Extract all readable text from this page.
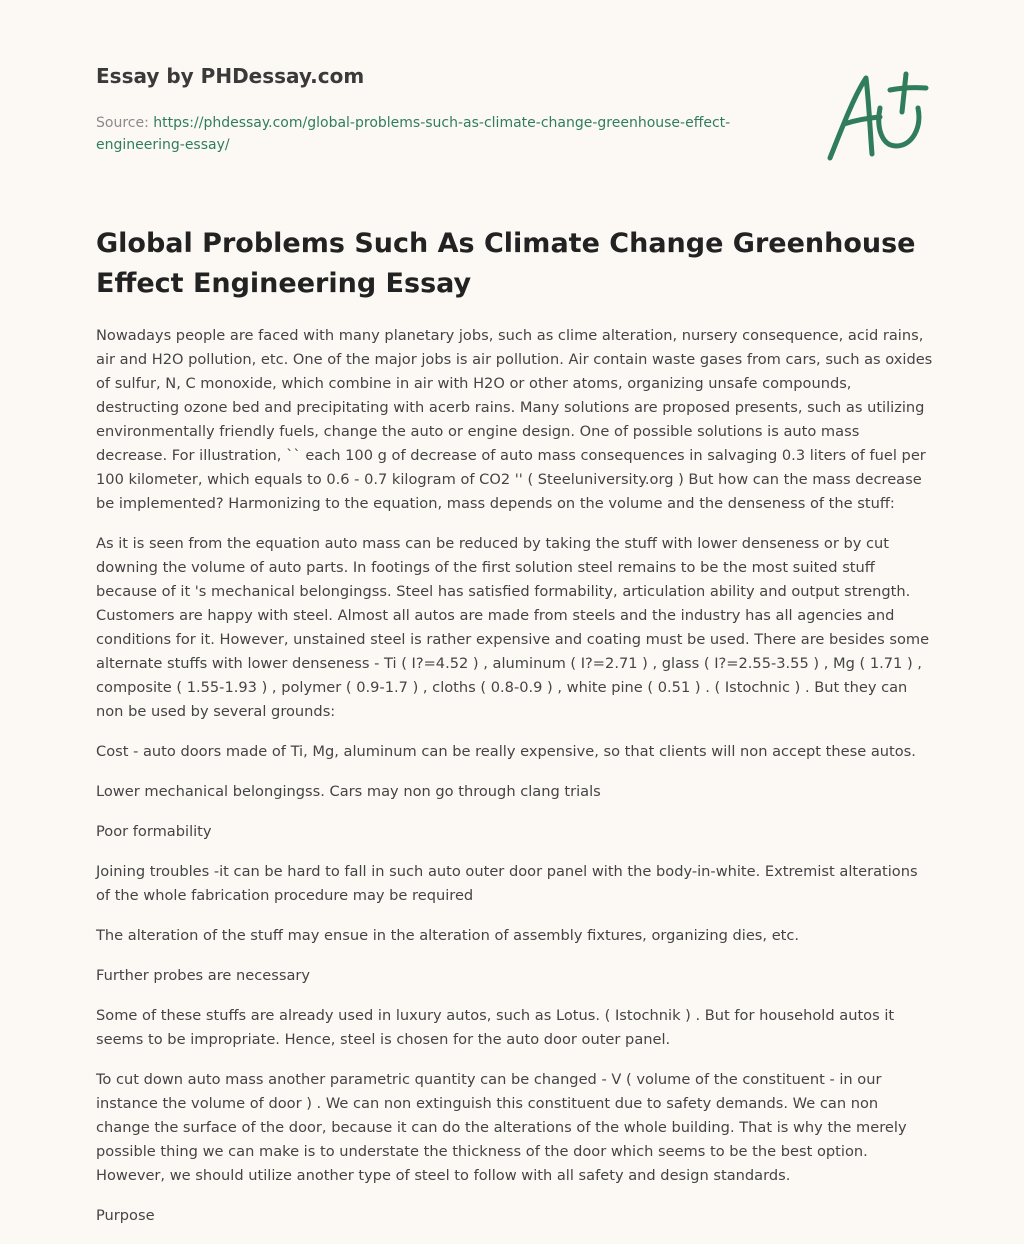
Essay by PHDessay.com
Source: https://phdessay.com/global-problems-such-as-climate-change-greenhouse-effect-engineering-essay/
Global Problems Such As Climate Change Greenhouse Effect Engineering Essay

Nowadays people are faced with many planetary jobs, such as clime alteration, nursery consequence, acid rains, air and H2O pollution, etc. One of the major jobs is air pollution. Air contain waste gases from cars, such as oxides of sulfur, N, C monoxide, which combine in air with H2O or other atoms, organizing unsafe compounds, destructing ozone bed and precipitating with acerb rains. Many solutions are proposed presents, such as utilizing environmentally friendly fuels, change the auto or engine design. One of possible solutions is auto mass decrease. For illustration, `` each 100 g of decrease of auto mass consequences in salvaging 0.3 liters of fuel per 100 kilometer, which equals to 0.6 - 0.7 kilogram of CO2 '' ( Steeluniversity.org ) But how can the mass decrease be implemented? Harmonizing to the equation, mass depends on the volume and the denseness of the stuff:

As it is seen from the equation auto mass can be reduced by taking the stuff with lower denseness or by cut downing the volume of auto parts. In footings of the first solution steel remains to be the most suited stuff because of it 's mechanical belongingss. Steel has satisfied formability, articulation ability and output strength. Customers are happy with steel. Almost all autos are made from steels and the industry has all agencies and conditions for it. However, unstained steel is rather expensive and coating must be used. There are besides some alternate stuffs with lower denseness - Ti ( I?=4.52 ) , aluminum ( I?=2.71 ) , glass ( I?=2.55-3.55 ) , Mg ( 1.71 ) , composite ( 1.55-1.93 ) , polymer ( 0.9-1.7 ) , cloths ( 0.8-0.9 ) , white pine ( 0.51 ) . ( Istochnic ) . But they can non be used by several grounds:

Cost - auto doors made of Ti, Mg, aluminum can be really expensive, so that clients will non accept these autos.

Lower mechanical belongingss. Cars may non go through clang trials

Poor formability

Joining troubles -it can be hard to fall in such auto outer door panel with the body-in-white. Extremist alterations of the whole fabrication procedure may be required

The alteration of the stuff may ensue in the alteration of assembly fixtures, organizing dies, etc.

Further probes are necessary

Some of these stuffs are already used in luxury autos, such as Lotus. ( Istochnik ) . But for household autos it seems to be impropriate. Hence, steel is chosen for the auto door outer panel.

To cut down auto mass another parametric quantity can be changed - V ( volume of the constituent - in our instance the volume of door ) . We can non extinguish this constituent due to safety demands. We can non change the surface of the door, because it can do the alterations of the whole building. That is why the merely possible thing we can make is to understate the thickness of the door which seems to be the best option. However, we should utilize another type of steel to follow with all safety and design standards.

Purpose
